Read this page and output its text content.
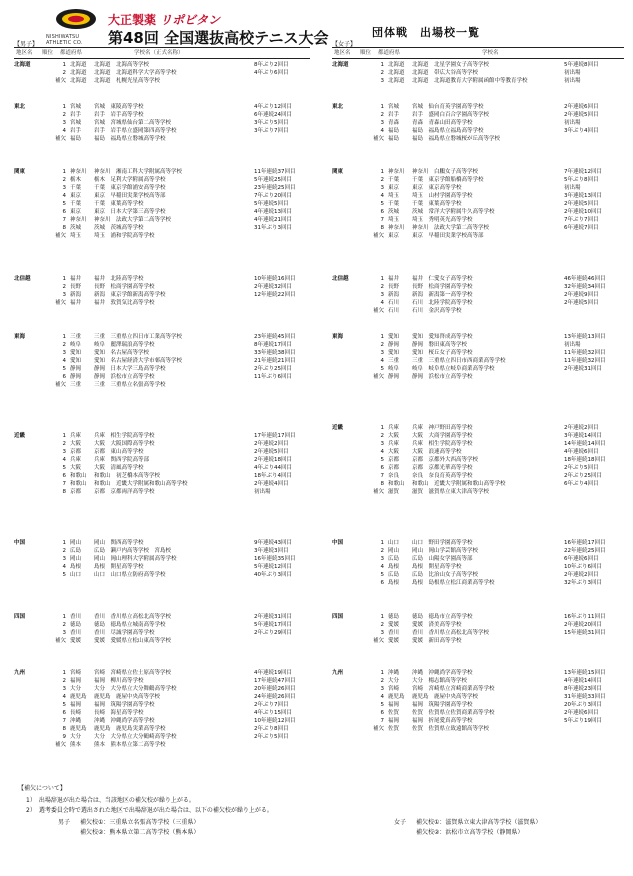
NISHIWATSU ATHLETIC CO.
大正製薬 リポビタン
第48回 全国選抜高校テニス大会	団体戦　出場校一覧
【男子】	【女子】
地区名 順位 都道府県	学校名（正式名称）	地区名 順位 都道府県	学校名
北海道	1 北海道	北海道　北海高等学校	8年ぶり2回目
2 北海道	北海道　北海道科学大学高等学校	4年ぶり6回目
補欠 北海道	北海道　札幌光星高等学校
東北	1 宮城	宮城　東陵高等学校	4年ぶり12回目
2 岩手	岩手　岩手高等学校	6年連続24回目
3 宮城	宮城　宮城県仙台第二高等学校	3年ぶり5回目
4 岩手	岩手　岩手県立盛岡第四高等学校	3年ぶり7回目
補欠 福島	福島　福島県立磐城高等学校
関東	1 神奈川	神奈川　湘南工科大学附属高等学校	11年連続37回目
2 栃木	栃木　足利大学附属高等学校	5年連続25回目
3 千葉	千葉　東京学館浦安高等学校	23年連続25回目
4 東京	東京　早稲田実業学校高等部	7年ぶり20回目
5 千葉	千葉　東葉高等学校	5年連続5回目
6 東京	東京　日本大学第三高等学校	4年連続13回目
7 神奈川	神奈川　法政大学第二高等学校	4年連続21回目
8 茨城	茨城　茨城高等学校	31年ぶり3回目
補欠 埼玉	埼玉　浦和学院高等学校
北信越	1 福井	福井　北陸高等学校	10年連続16回目
2 長野	長野　松商学園高等学校	2年連続32回目
3 新潟	新潟　東京学館新潟高等学校	12年連続22回目
補欠 福井	福井　敦賀気比高等学校
東海	1 三重	三重　三重県立四日市工業高等学校	23年連続45回目
2 岐阜	岐阜　麗澤瑞浪高等学校	8年連続17回目
3 愛知	愛知　名古屋高等学校	33年連続38回目
4 愛知	愛知　名古屋経済大学市邨高等学校	21年連続21回目
5 静岡	静岡　日本大学三島高等学校	2年ぶり25回目
6 静岡	静岡　浜松市立高等学校	11年ぶり6回目
補欠 三重	三重　三重県立名張高等学校
近畿	1 兵庫	兵庫　相生学院高等学校	17年連続17回目
2 大阪	大阪　大阪国際高等学校	2年連続2回目
3 京都	京都　東山高等学校	2年連続5回目
4 兵庫	兵庫　関西学院高等部	2年連続18回目
5 大阪	大阪　清風高等学校	4年ぶり44回目
6 和歌山	和歌山　初芝橋本高等学校	18年ぶり4回目
7 和歌山	和歌山　近畿大学附属和歌山高等学校	2年連続4回目
8 京都	京都　京都両洋高等学校	初出場
中国	1 岡山	岡山　関西高等学校	9年連続43回目
2 広島	広島　瀬戸内高等学校　宮島校	3年連続3回目
3 岡山	岡山　岡山理科大学附属高等学校	16年連続35回目
4 島根	島根　開星高等学校	5年連続12回目
5 山口	山口　山口県立防府高等学校	40年ぶり3回目
四国	1 香川	香川　香川県立高松北高等学校	2年連続31回目
2 徳島	徳島　徳島県立城南高等学校	5年連続17回目
3 香川	香川　尽誠学園高等学校	2年ぶり29回目
補欠 愛媛	愛媛　愛媛県立松山東高等学校
九州	1 宮崎	宮崎　宮崎県立佐土原高等学校	4年連続19回目
2 福岡	福岡　柳川高等学校	17年連続47回目
3 大分	大分　大分県立大分舞鶴高等学校	20年連続26回目
4 鹿児島	鹿児島　鹿屋中央高等学校	24年連続26回目
5 福岡	福岡　筑陽学園高等学校	2年ぶり7回目
6 長崎	長崎　海星高等学校	4年ぶり15回目
7 沖縄	沖縄　沖縄尚学高等学校	10年連続12回目
8 鹿児島	鹿児島　鹿児島実業高等学校	2年ぶり8回目
9 大分	大分　大分県立大分鶴崎高等学校	2年ぶり5回目
補欠 熊本	熊本　熊本県立第二高等学校
北海道	1 北海道	北海道　北星学園女子高等学校	5年連続8回目
2 北海道	北海道　帯広大谷高等学校	初出場
3 北海道	北海道　北海道教育大学附属函館中等教育学校	初出場
東北	1 宮城	宮城　仙台育英学園高等学校	2年連続6回目
2 岩手	岩手　盛岡白百合学園高等学校	2年連続5回目
3 青森	青森　青森山田高等学校	初出場
4 福島	福島　福島県立福島高等学校	3年ぶり4回目
補欠 福島	福島　福島県立磐城桜が丘高等学校
関東	1 神奈川	神奈川　白鵬女子高等学校	7年連続12回目
2 千葉	千葉　東京学館船橋高等学校	5年ぶり8回目
3 東京	東京　東京高等学校	初出場
4 埼玉	埼玉　山村学園高等学校	3年連続13回目
5 千葉	千葉　東葉高等学校	2年連続5回目
6 茨城	茨城　常洋大学附属牛久高等学校	2年連続10回目
7 埼玉	埼玉　秀明英光高等学校	7年ぶり7回目
8 神奈川	神奈川　法政大学第二高等学校	6年連続7回目
補欠 東京	東京　早稲田実業学校高等部
北信越	1 福井	福井　仁愛女子高等学校	46年連続46回目
2 長野	長野　松商学園高等学校	32年連続34回目
3 新潟	新潟　新潟第一高等学校	2年連続9回目
4 石川	石川　北陸学院高等学校	2年連続5回目
補欠 石川	石川　金沢高等学校
東海	1 愛知	愛知　愛知啓成高等学校	13年連続13回目
2 静岡	静岡　磐田東高等学校	初出場
3 愛知	愛知　桜丘女子高等学校	11年連続32回目
4 三重	三重　三重県立四日市西商業高等学校	11年連続32回目
5 岐阜	岐阜　岐阜県立岐阜商業高等学校	2年連続31回目
補欠 静岡	静岡　浜松市立高等学校
近畿	1 兵庫	兵庫　神戸野田高等学校	2年連続2回目
2 大阪	大阪　大商学園高等学校	3年連続14回目
3 兵庫	兵庫　相生学院高等学校	14年連続14回目
4 大阪	大阪　浪速高等学校	4年連続6回目
5 京都	京都　京都外大西高等学校	18年連続18回目
6 京都	京都　京都光華高等学校	2年ぶり5回目
7 奈良	奈良　奈良育英高等学校	2年ぶり25回目
8 和歌山	和歌山　近畿大学附属和歌山高等学校	6年ぶり4回目
補欠 滋賀	滋賀　滋賀県立東大津高等学校
中国	1 山口	山口　野田学園高等学校	16年連続17回目
2 岡山	岡山　岡山学芸館高等学校	22年連続25回目
3 広島	広島　山陽女学園高等部	6年連続6回目
4 島根	島根　開星高等学校	10年ぶり6回目
5 広島	広島　比治山女子高等学校	2年連続2回目
6 島根	島根　島根県立松江商業高等学校	32年ぶり3回目
四国	1 徳島	徳島　徳島市立高等学校	16年ぶり11回目
2 愛媛	愛媛　済美高等学校	2年連続20回目
3 香川	香川　香川県立高松北高等学校	15年連続31回目
補欠 愛媛	愛媛　新田高等学校
九州	1 沖縄	沖縄　沖縄尚学高等学校	13年連続15回目
2 大分	大分　楊志館高等学校	4年連続14回目
3 宮崎	宮崎　宮崎県立宮崎商業高等学校	8年連続23回目
4 鹿児島	鹿児島　鹿屋中央高等学校	31年連続33回目
5 福岡	福岡　筑陽学園高等学校	20年ぶり3回目
6 佐賀	佐賀　佐賀県立佐賀商業高等学校	2年連続6回目
7 福岡	福岡　折尾愛真高等学校	5年ぶり19回目
補欠 佐賀	佐賀　佐賀県立致遠館高等学校
【補欠について】
1）　出場辞退が出た場合は、当該地区の補欠校が繰り上がる。
2）　選考委員会時で選出された地区で出場辞退が出た場合は、以下の補欠校が繰り上がる。
男子 補欠校①：三重県立名張高等学校（三重県）
補欠校②：熊本県立第二高等学校（熊本県）
女子 補欠校①：滋賀県立東大津高等学校（滋賀県）
補欠校②：浜松市立高等学校（静岡県）
